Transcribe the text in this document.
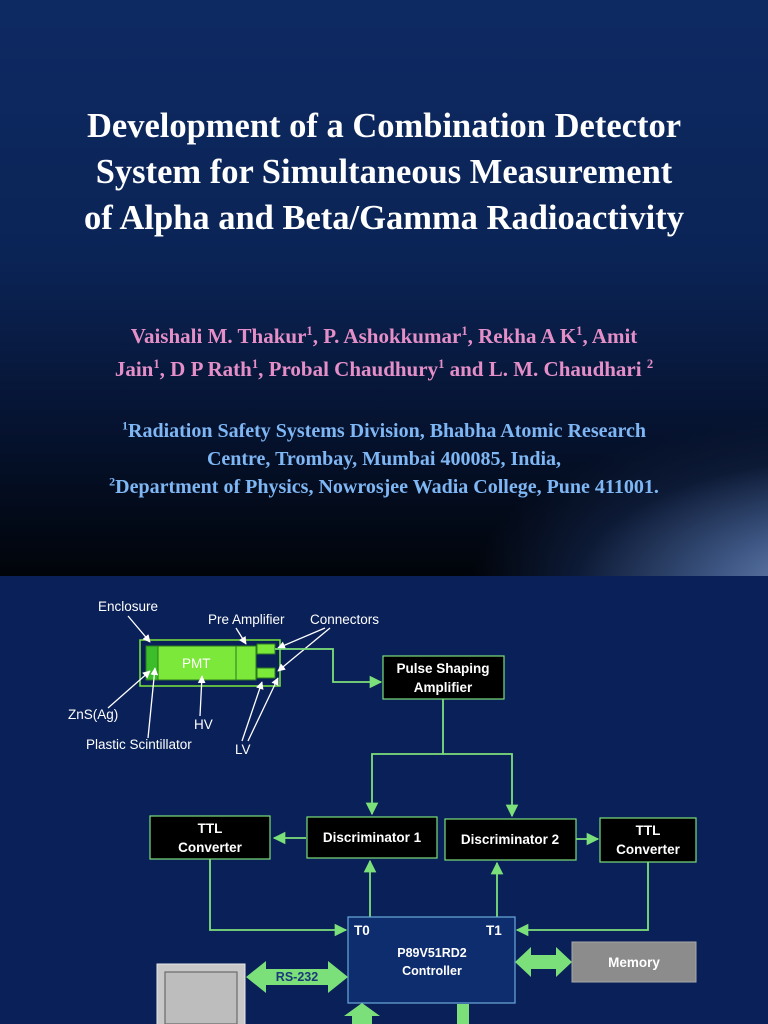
Development of a Combination Detector
System for Simultaneous Measurement
of Alpha and Beta/Gamma Radioactivity
Vaishali M. Thakur$^1$, P. Ashokkumar$^1$, Rekha A $K^1$, Amit
Jain$^1$, D P Rath$^1$, Probal Chaudhury$^1$ and L. M. Chaudhari $^2$
$^1$Radiation Safety Systems Division, Bhabha Atomic Research
Centre, Trombay, Mumbai 400085, India,
$^2$Department of Physics, Nowrosjee Wadia College, Pune 411001.
PMT
Enclosure
Pre Amplifier Connectors
ZnS(Ag)
HV
Plastic Scintillator	LV
Pulse Shaping
Amplifier
TTL
Converter
Discriminator 1	Discriminator 2
TTL
Converter
T0	T1
P89V51RD2
Controller
Memory
RS-232
